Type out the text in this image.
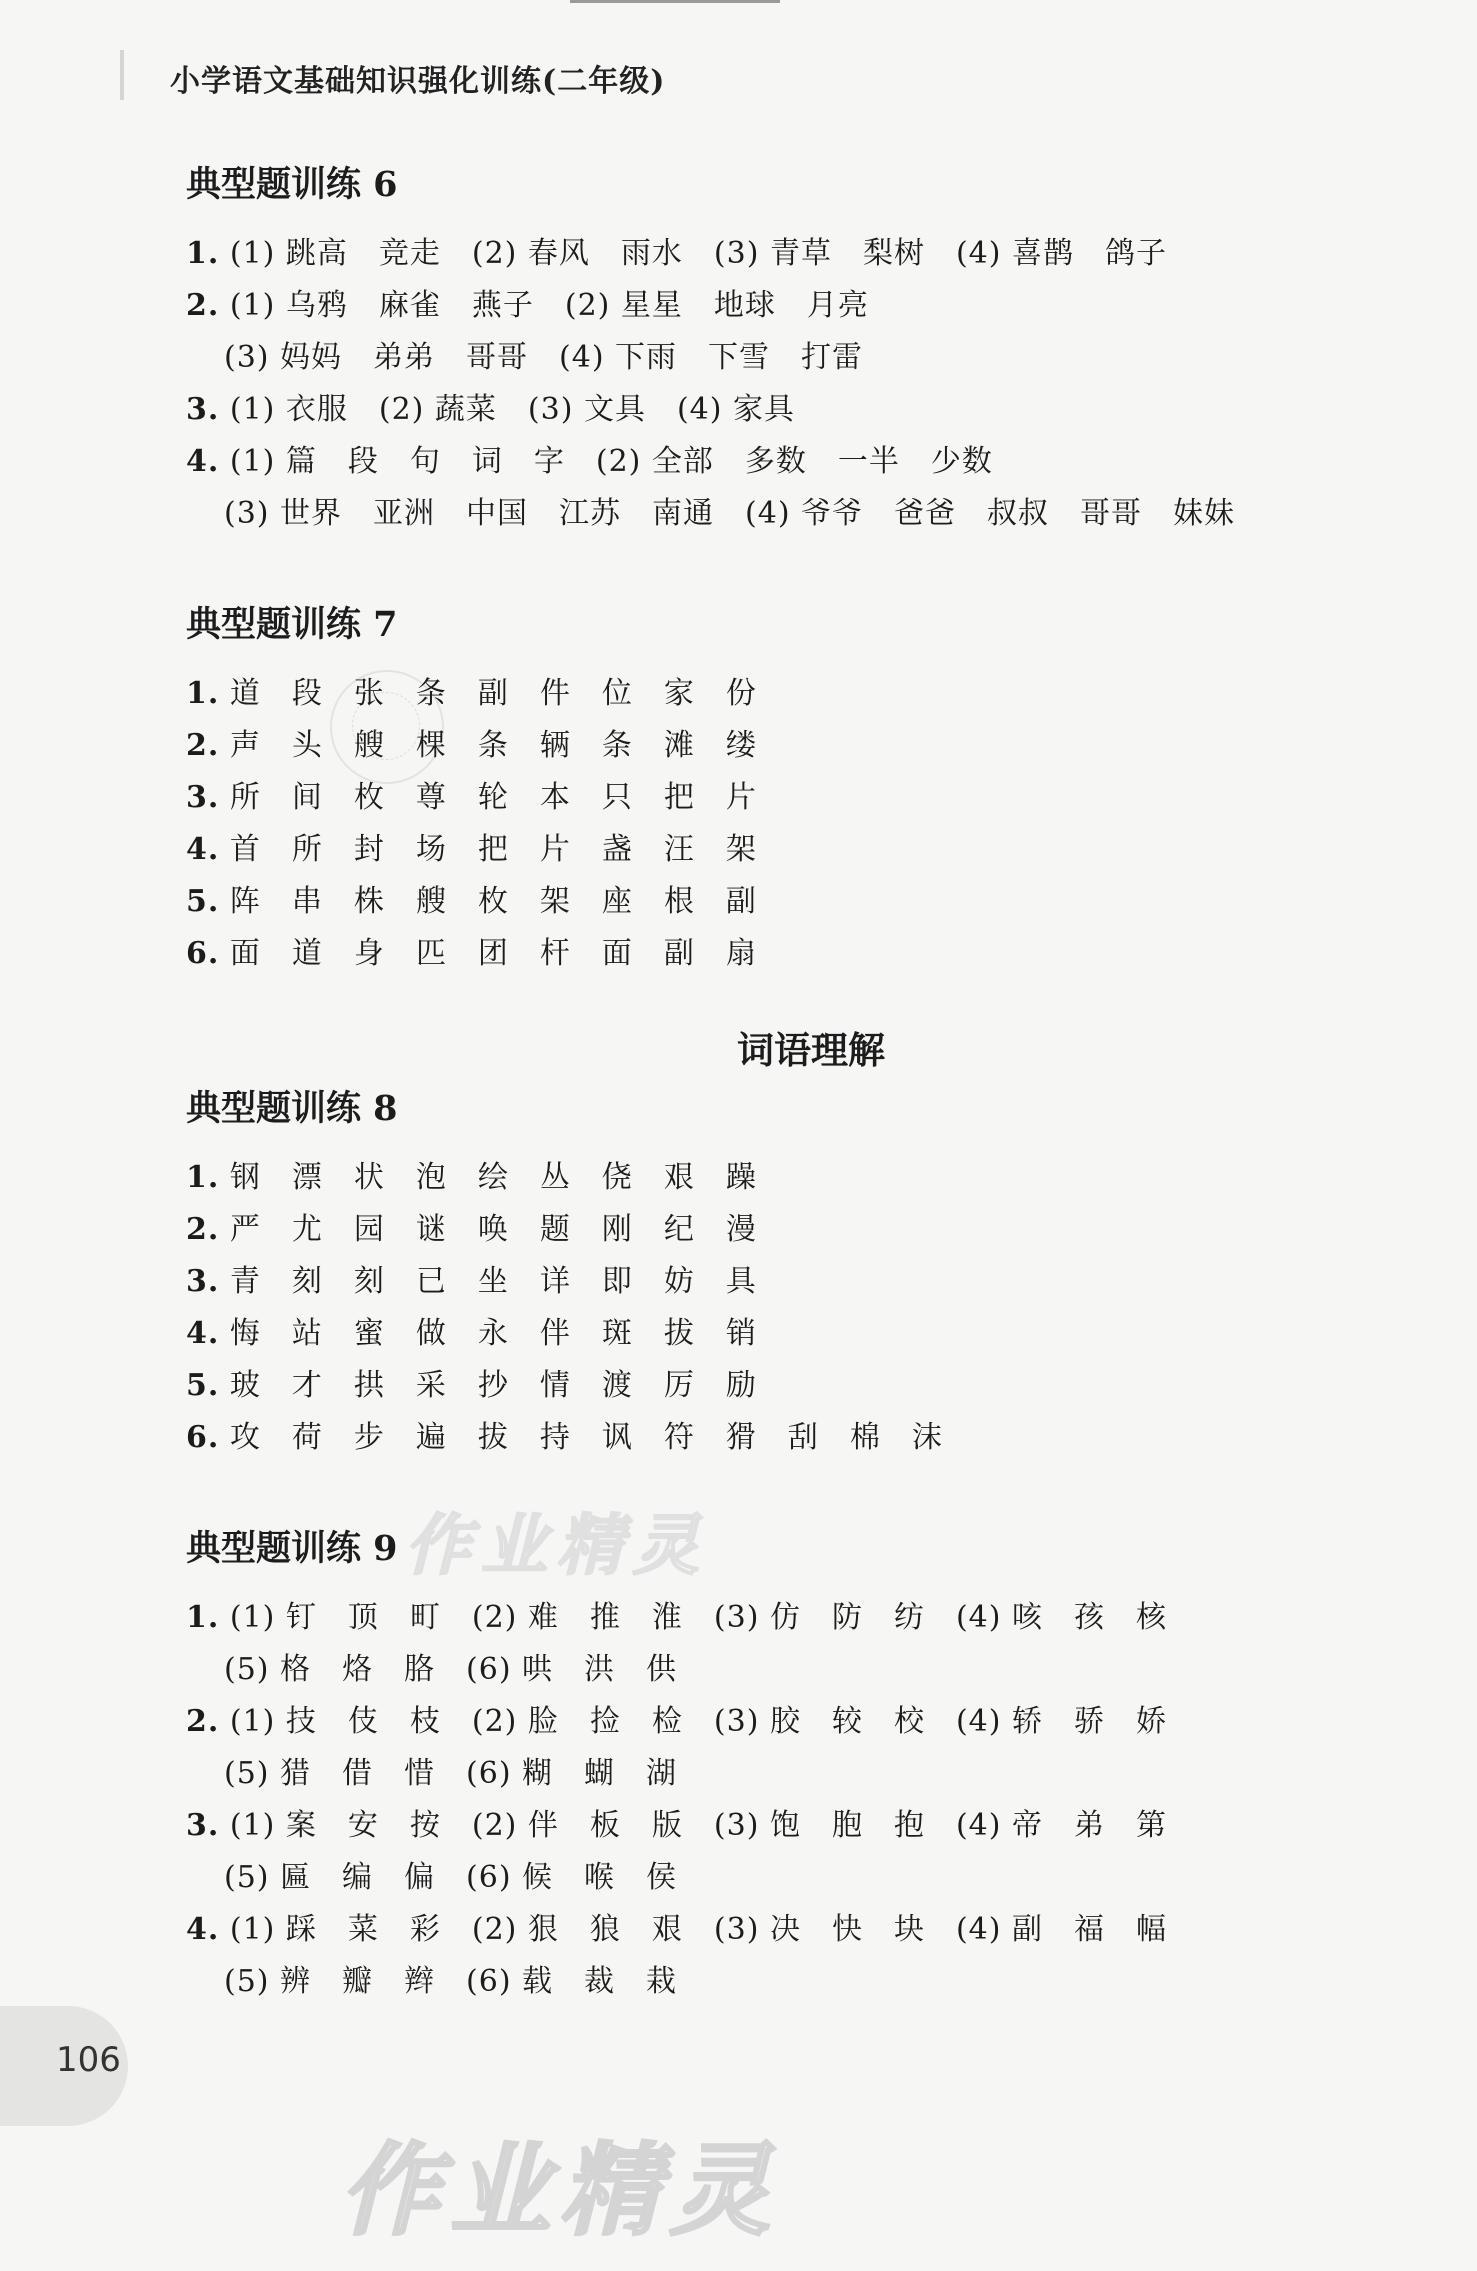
小学语文基础知识强化训练(二年级)
典型题训练 6
1. (1) 跳高　竞走　(2) 春风　雨水　(3) 青草　梨树　(4) 喜鹊　鸽子
2. (1) 乌鸦　麻雀　燕子　(2) 星星　地球　月亮
(3) 妈妈　弟弟　哥哥　(4) 下雨　下雪　打雷
3. (1) 衣服　(2) 蔬菜　(3) 文具　(4) 家具
4. (1) 篇　段　句　词　字　(2) 全部　多数　一半　少数
(3) 世界　亚洲　中国　江苏　南通　(4) 爷爷　爸爸　叔叔　哥哥　妹妹
典型题训练 7
1. 道　段　张　条　副　件　位　家　份
2. 声　头　艘　棵　条　辆　条　滩　缕
3. 所　间　枚　尊　轮　本　只　把　片
4. 首　所　封　场　把　片　盏　汪　架
5. 阵　串　株　艘　枚　架　座　根　副
6. 面　道　身　匹　团　杆　面　副　扇
词语理解
典型题训练 8
1. 钢　漂　状　泡　绘　丛　侥　艰　躁
2. 严　尤　园　谜　唤　题　刚　纪　漫
3. 青　刻　刻　已　坐　详　即　妨　具
4. 悔　站　蜜　做　永　伴　斑　拔　销
5. 玻　才　拱　采　抄　情　渡　厉　励
6. 攻　荷　步　遍　拔　持　讽　符　猾　刮　棉　沫
典型题训练 9
1. (1) 钉　顶　町　(2) 难　推　淮　(3) 仿　防　纺　(4) 咳　孩　核
(5) 格　烙　胳　(6) 哄　洪　供
2. (1) 技　伎　枝　(2) 脸　捡　检　(3) 胶　较　校　(4) 轿　骄　娇
(5) 猎　借　惜　(6) 糊　蝴　湖
3. (1) 案　安　按　(2) 伴　板　版　(3) 饱　胞　抱　(4) 帝　弟　第
(5) 匾　编　偏　(6) 候　喉　侯
4. (1) 踩　菜　彩　(2) 狠　狼　艰　(3) 决　快　块　(4) 副　福　幅
(5) 辨　瓣　辫　(6) 载　裁　栽
作业精灵
106
作业精灵
